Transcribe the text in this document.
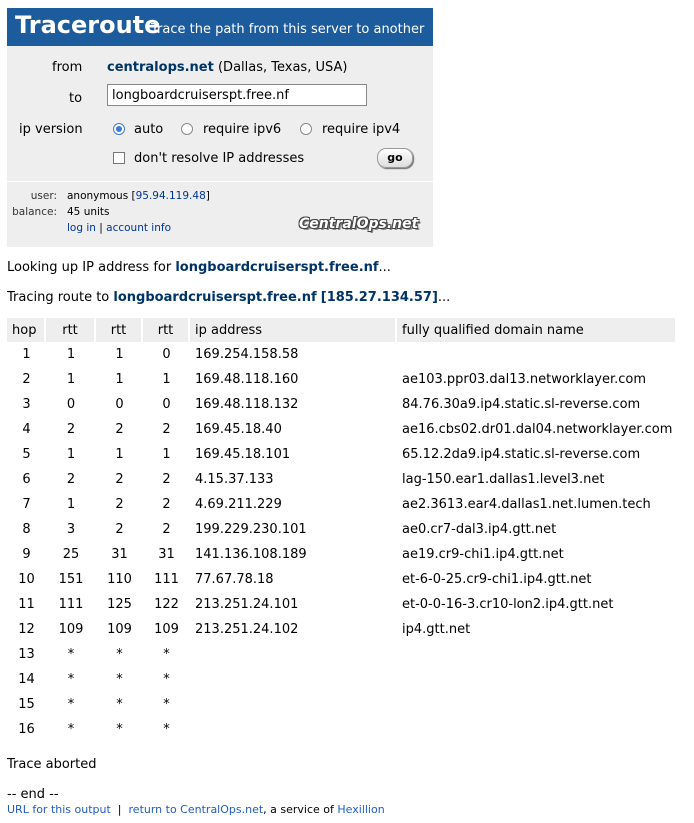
Traceroute
Trace the path from this server to another
from centralops.net (Dallas, Texas, USA)
to
longboardcruiserspt.free.nf
ip version	auto	require ipv6	require ipv4
don't resolve IP addresses	go
user: anonymous [95.94.119.48]
balance: 45 units
log in | account info	CentralOps.net
Looking up IP address for longboardcruiserspt.free.nf...
Tracing route to longboardcruiserspt.free.nf [185.27.134.57]...
hop	rtt	rtt	rtt	ip address	fully qualified domain name
1	1	1	0	169.254.158.58	
2	1	1	1	169.48.118.160	ae103.ppr03.dal13.networklayer.com
3	0	0	0	169.48.118.132	84.76.30a9.ip4.static.sl-reverse.com
4	2	2	2	169.45.18.40	ae16.cbs02.dr01.dal04.networklayer.com
5	1	1	1	169.45.18.101	65.12.2da9.ip4.static.sl-reverse.com
6	2	2	2	4.15.37.133	lag-150.ear1.dallas1.level3.net
7	1	2	2	4.69.211.229	ae2.3613.ear4.dallas1.net.lumen.tech
8	3	2	2	199.229.230.101	ae0.cr7-dal3.ip4.gtt.net
9	25	31	31	141.136.108.189	ae19.cr9-chi1.ip4.gtt.net
10	151	110	111	77.67.78.18	et-6-0-25.cr9-chi1.ip4.gtt.net
11	111	125	122	213.251.24.101	et-0-0-16-3.cr10-lon2.ip4.gtt.net
12	109	109	109	213.251.24.102	ip4.gtt.net
13	*	*	*		
14	*	*	*		
15	*	*	*		
16	*	*	*		
Trace aborted
-- end --
URL for this output | return to CentralOps.net, a service of Hexillion
